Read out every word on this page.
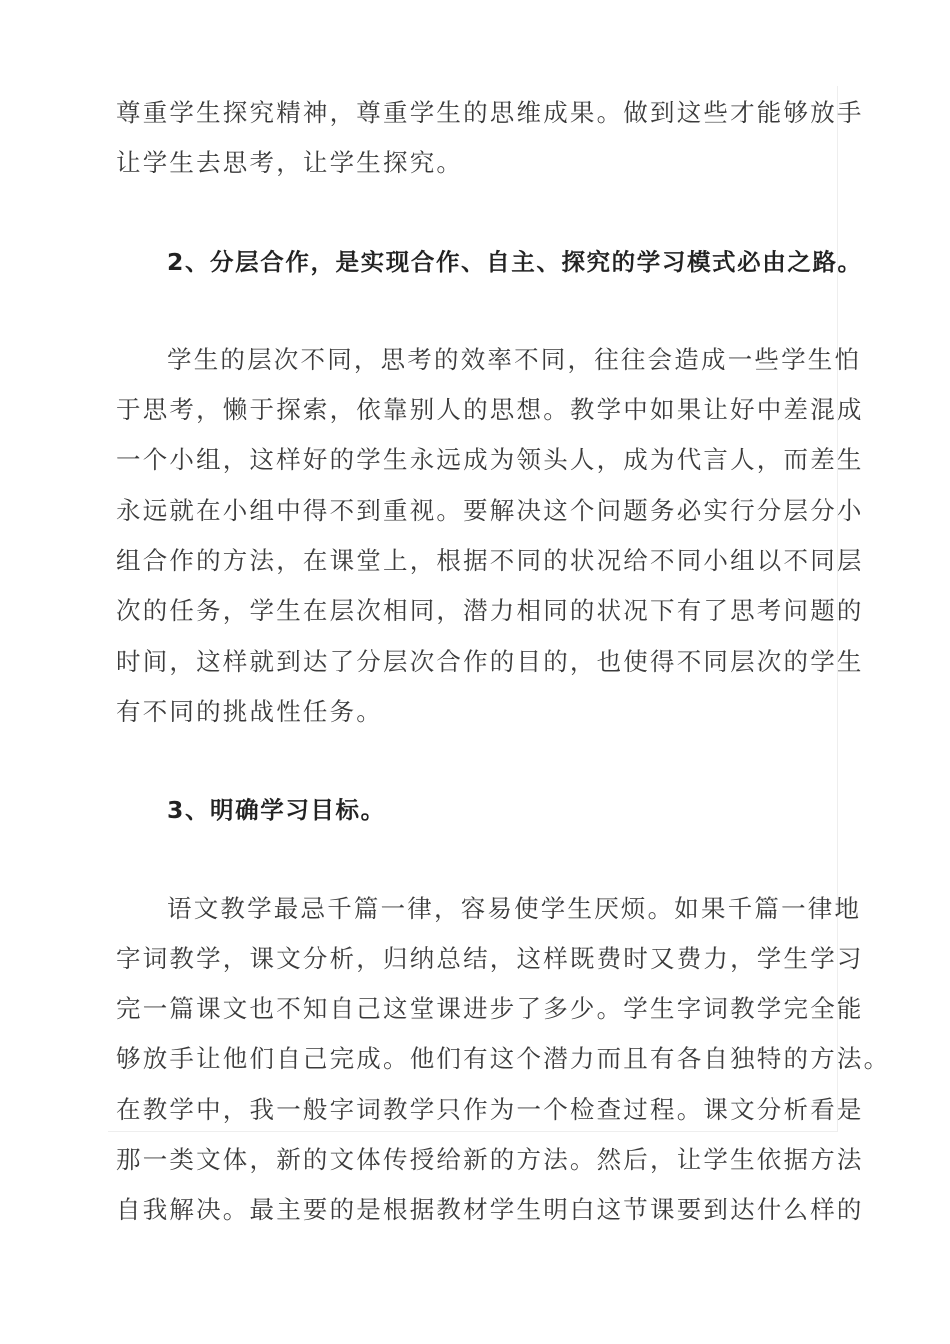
尊重学生探究精神，尊重学生的思维成果。做到这些才能够放手
让学生去思考，让学生探究。
2、分层合作，是实现合作、自主、探究的学习模式必由之路。
学生的层次不同，思考的效率不同，往往会造成一些学生怕
于思考，懒于探索，依靠别人的思想。教学中如果让好中差混成
一个小组，这样好的学生永远成为领头人，成为代言人，而差生
永远就在小组中得不到重视。要解决这个问题务必实行分层分小
组合作的方法，在课堂上，根据不同的状况给不同小组以不同层
次的任务，学生在层次相同，潜力相同的状况下有了思考问题的
时间，这样就到达了分层次合作的目的，也使得不同层次的学生
有不同的挑战性任务。
3、明确学习目标。
语文教学最忌千篇一律，容易使学生厌烦。如果千篇一律地
字词教学，课文分析，归纳总结，这样既费时又费力，学生学习
完一篇课文也不知自己这堂课进步了多少。学生字词教学完全能
够放手让他们自己完成。他们有这个潜力而且有各自独特的方法。
在教学中，我一般字词教学只作为一个检查过程。课文分析看是
那一类文体，新的文体传授给新的方法。然后，让学生依据方法
自我解决。最主要的是根据教材学生明白这节课要到达什么样的
